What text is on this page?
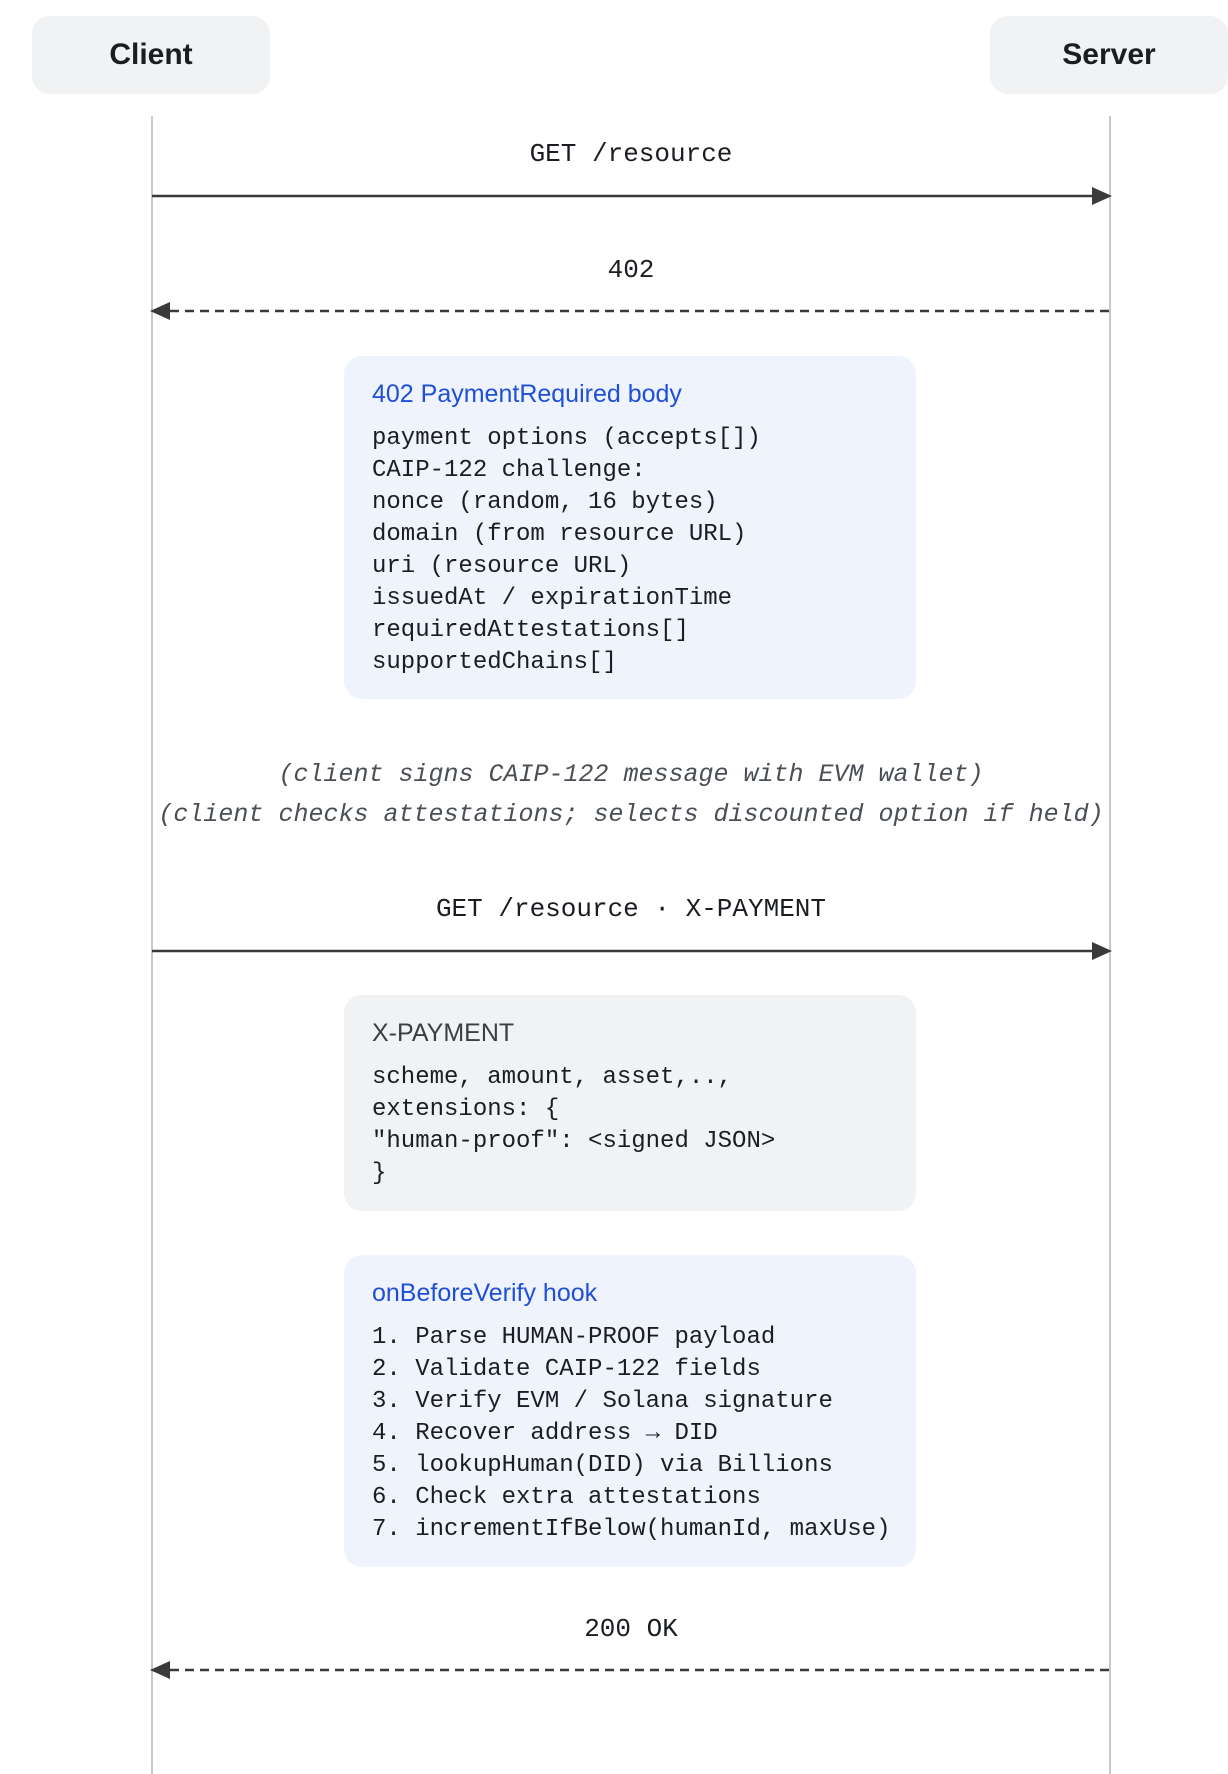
Client	Server
GET /resource
402
GET /resource · X-PAYMENT
200 OK
402 PaymentRequired body
payment options (accepts[])
CAIP-122 challenge:
nonce (random, 16 bytes)
domain (from resource URL)
uri (resource URL)
issuedAt / expirationTime
requiredAttestations[]
supportedChains[]
(client signs CAIP-122 message with EVM wallet)
(client checks attestations; selects discounted option if held)
X-PAYMENT
scheme, amount, asset,..,
extensions: {
"human-proof": <signed JSON>
}
onBeforeVerify hook
1. Parse HUMAN-PROOF payload
2. Validate CAIP-122 fields
3. Verify EVM / Solana signature
4. Recover address → DID
5. lookupHuman(DID) via Billions
6. Check extra attestations
7. incrementIfBelow(humanId, maxUse)
